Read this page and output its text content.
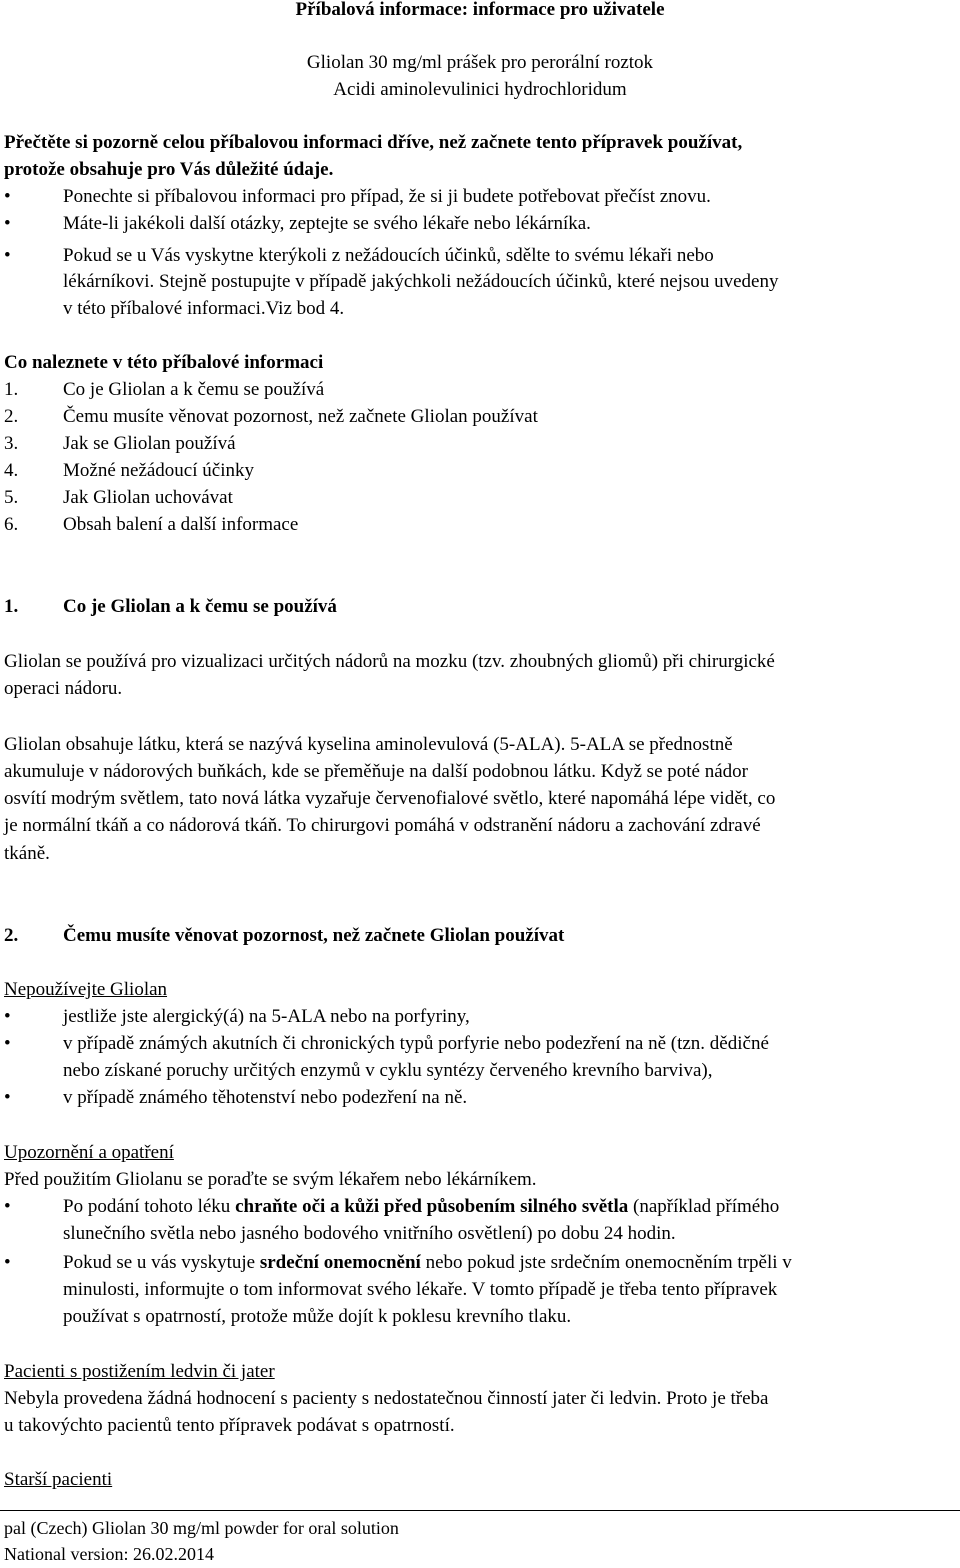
Příbalová informace: informace pro uživatele
Gliolan 30 mg/ml prášek pro perorální roztok
Acidi aminolevulinici hydrochloridum
Přečtěte si pozorně celou příbalovou informaci dříve, než začnete tento přípravek používat,
protože obsahuje pro Vás důležité údaje.
•	Ponechte si příbalovou informaci pro případ, že si ji budete potřebovat přečíst znovu.
•	Máte-li jakékoli další otázky, zeptejte se svého lékaře nebo lékárníka.
•	Pokud se u Vás vyskytne kterýkoli z nežádoucích účinků, sdělte to svému lékaři nebo
lékárníkovi. Stejně postupujte v případě jakýchkoli nežádoucích účinků, které nejsou uvedeny
v této příbalové informaci.Viz bod 4.
Co naleznete v této příbalové informaci
1. Co je Gliolan a k čemu se používá
2. Čemu musíte věnovat pozornost, než začnete Gliolan používat
3. Jak se Gliolan používá
4. Možné nežádoucí účinky
5. Jak Gliolan uchovávat
6. Obsah balení a další informace
1. Co je Gliolan a k čemu se používá
Gliolan se používá pro vizualizaci určitých nádorů na mozku (tzv. zhoubných gliomů) při chirurgické
operaci nádoru.
Gliolan obsahuje látku, která se nazývá kyselina aminolevulová (5-ALA). 5-ALA se přednostně
akumuluje v nádorových buňkách, kde se přeměňuje na další podobnou látku. Když se poté nádor
osvítí modrým světlem, tato nová látka vyzařuje červenofialové světlo, které napomáhá lépe vidět, co
je normální tkáň a co nádorová tkáň. To chirurgovi pomáhá v odstranění nádoru a zachování zdravé
tkáně.
2. Čemu musíte věnovat pozornost, než začnete Gliolan používat
Nepoužívejte Gliolan
•	jestliže jste alergický(á) na 5-ALA nebo na porfyriny,
•	v případě známých akutních či chronických typů porfyrie nebo podezření na ně (tzn. dědičné
nebo získané poruchy určitých enzymů v cyklu syntézy červeného krevního barviva),
•	v případě známého těhotenství nebo podezření na ně.
Upozornění a opatření
Před použitím Gliolanu se poraďte se svým lékařem nebo lékárníkem.
•	Po podání tohoto léku chraňte oči a kůži před působením silného světla (například přímého
slunečního světla nebo jasného bodového vnitřního osvětlení) po dobu 24 hodin.
•	Pokud se u vás vyskytuje srdeční onemocnění nebo pokud jste srdečním onemocněním trpěli v
minulosti, informujte o tom informovat svého lékaře. V tomto případě je třeba tento přípravek
používat s opatrností, protože může dojít k poklesu krevního tlaku.
Pacienti s postižením ledvin či jater
Nebyla provedena žádná hodnocení s pacienty s nedostatečnou činností jater či ledvin. Proto je třeba
u takovýchto pacientů tento přípravek podávat s opatrností.
Starší pacienti
pal (Czech) Gliolan 30 mg/ml powder for oral solution
National version: 26.02.2014
